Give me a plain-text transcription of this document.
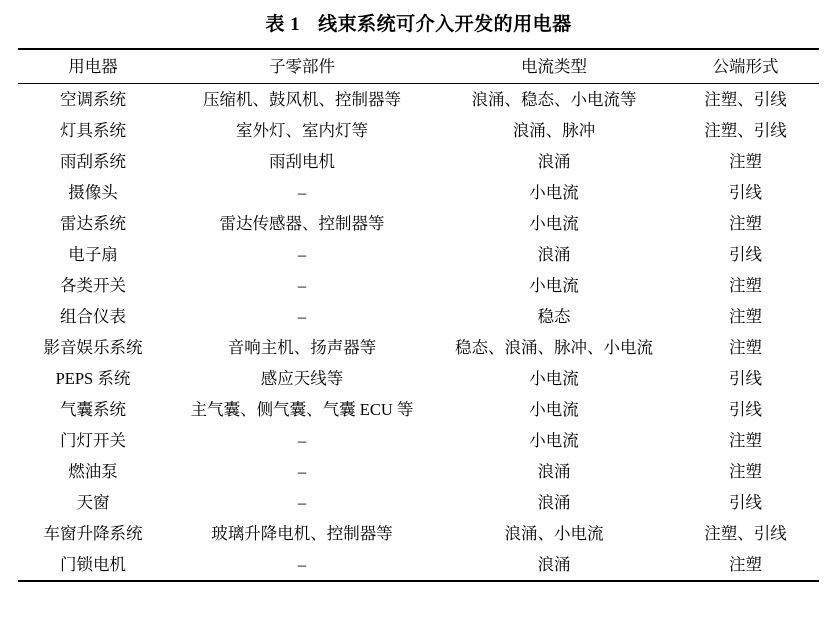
表 1 线束系统可介入开发的用电器
用电器	子零部件	电流类型	公端形式
空调系统	压缩机、鼓风机、控制器等	浪涌、稳态、小电流等	注塑、引线
灯具系统	室外灯、室内灯等	浪涌、脉冲	注塑、引线
雨刮系统	雨刮电机	浪涌	注塑
摄像头	–	小电流	引线
雷达系统	雷达传感器、控制器等	小电流	注塑
电子扇	–	浪涌	引线
各类开关	–	小电流	注塑
组合仪表	–	稳态	注塑
影音娱乐系统	音响主机、扬声器等	稳态、浪涌、脉冲、小电流	注塑
PEPS 系统	感应天线等	小电流	引线
气囊系统	主气囊、侧气囊、气囊 ECU 等	小电流	引线
门灯开关	–	小电流	注塑
燃油泵	–	浪涌	注塑
天窗	–	浪涌	引线
车窗升降系统	玻璃升降电机、控制器等	浪涌、小电流	注塑、引线
门锁电机	–	浪涌	注塑
